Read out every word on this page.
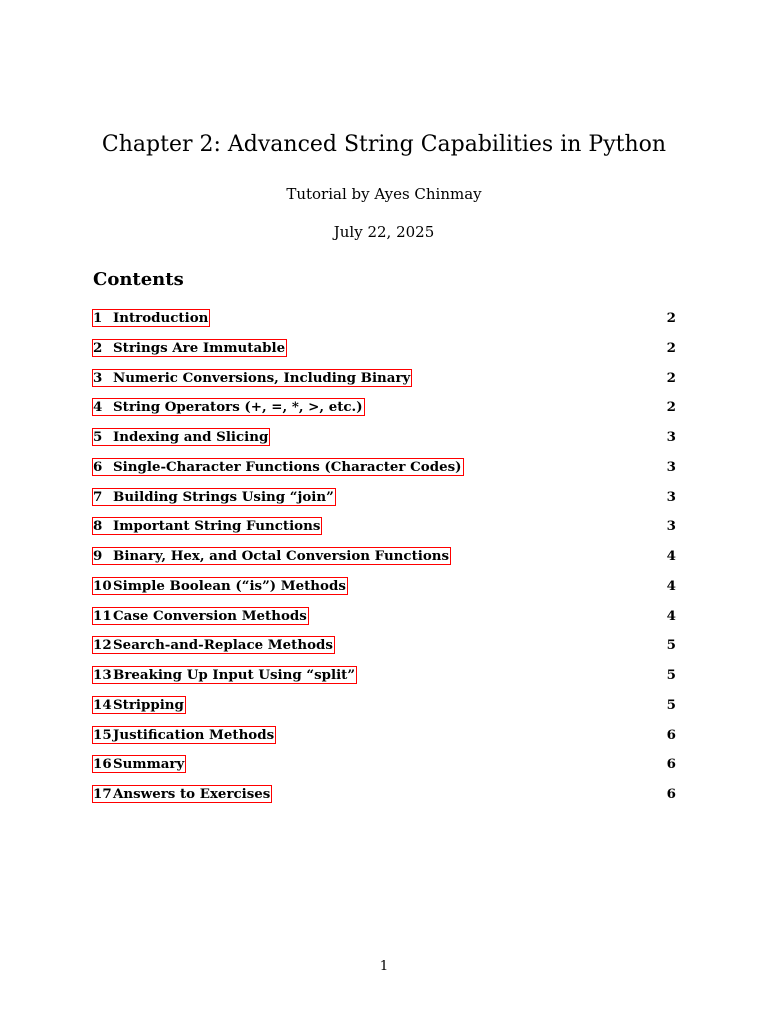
Chapter 2: Advanced String Capabilities in Python
Tutorial by Ayes Chinmay
July 22, 2025
Contents
1 Introduction	2
2 Strings Are Immutable	2
3 Numeric Conversions, Including Binary	2
4 String Operators (+, =, *, >, etc.)	2
5 Indexing and Slicing	3
6 Single-Character Functions (Character Codes)	3
7 Building Strings Using “join”	3
8 Important String Functions	3
9 Binary, Hex, and Octal Conversion Functions	4
10 Simple Boolean (“is”) Methods	4
11 Case Conversion Methods	4
12 Search-and-Replace Methods	5
13 Breaking Up Input Using “split”	5
14 Stripping	5
15 Justification Methods	6
16 Summary	6
17 Answers to Exercises	6
1
